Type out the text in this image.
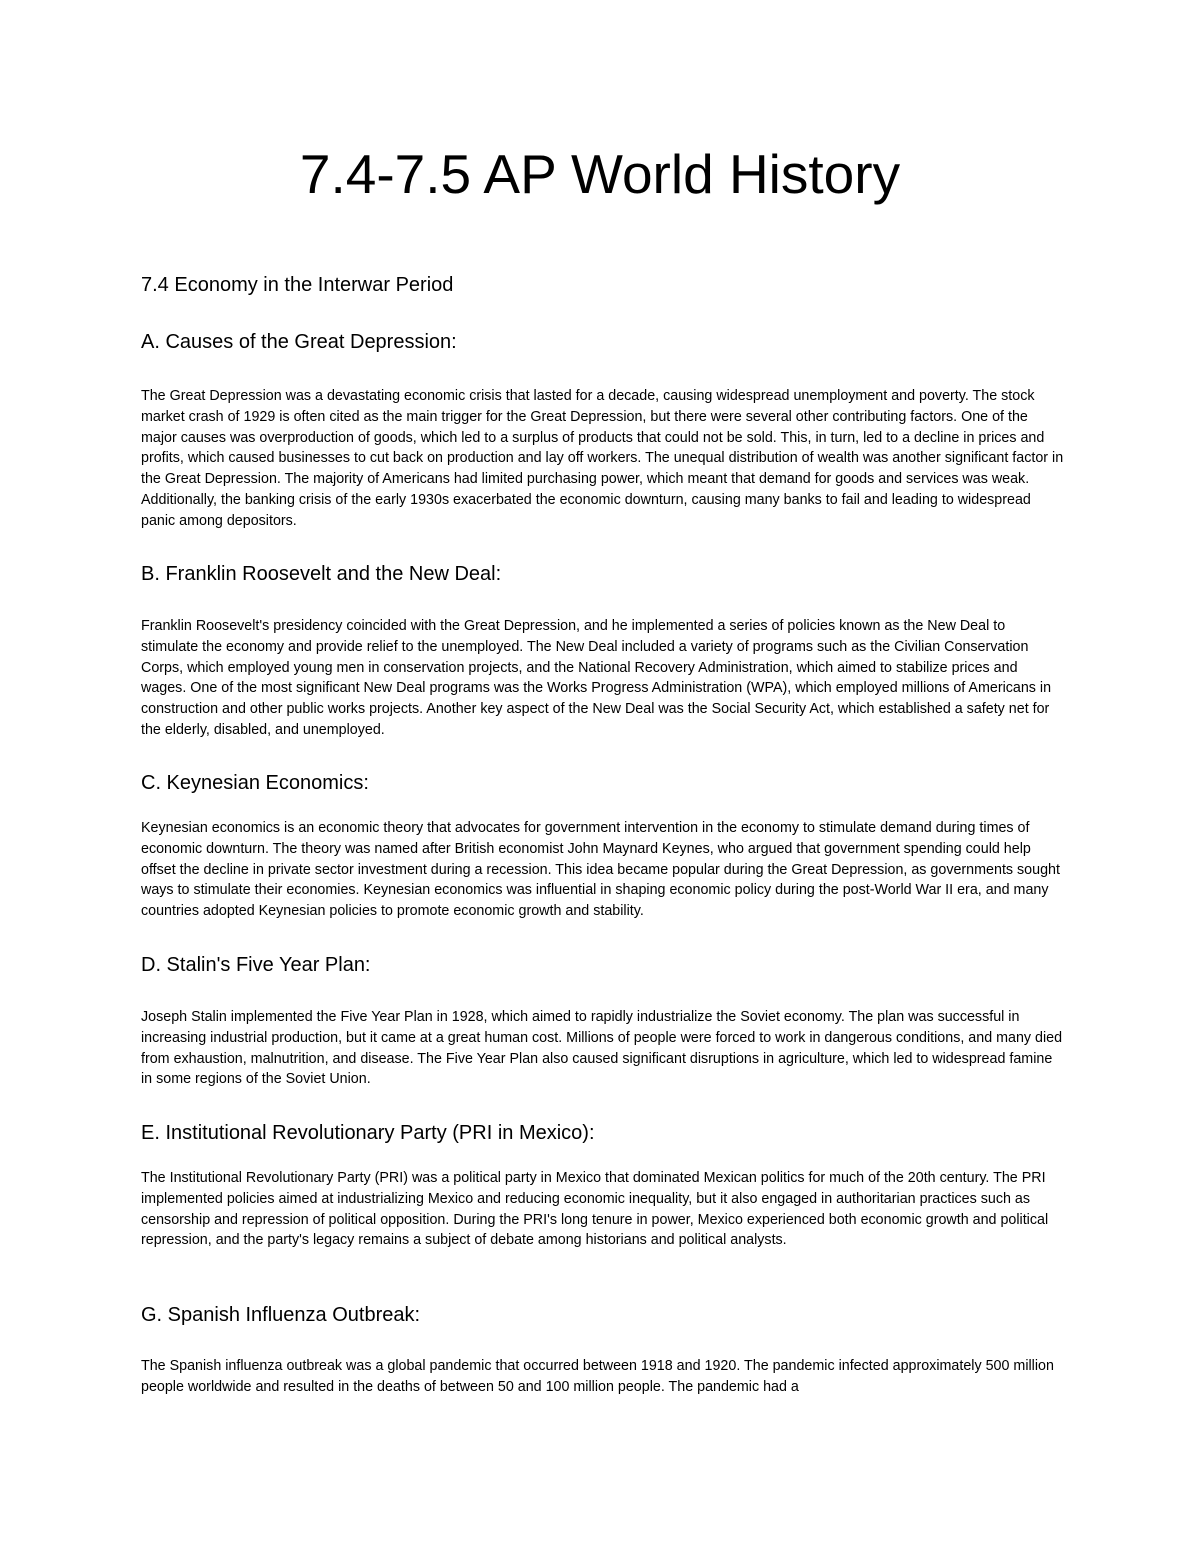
7.4-7.5 AP World History
7.4 Economy in the Interwar Period
A. Causes of the Great Depression:

The Great Depression was a devastating economic crisis that lasted for a decade, causing widespread unemployment and poverty. The stock market crash of 1929 is often cited as the main trigger for the Great Depression, but there were several other contributing factors. One of the major causes was overproduction of goods, which led to a surplus of products that could not be sold. This, in turn, led to a decline in prices and profits, which caused businesses to cut back on production and lay off workers. The unequal distribution of wealth was another significant factor in the Great Depression. The majority of Americans had limited purchasing power, which meant that demand for goods and services was weak. Additionally, the banking crisis of the early 1930s exacerbated the economic downturn, causing many banks to fail and leading to widespread panic among depositors.

B. Franklin Roosevelt and the New Deal:

Franklin Roosevelt's presidency coincided with the Great Depression, and he implemented a series of policies known as the New Deal to stimulate the economy and provide relief to the unemployed. The New Deal included a variety of programs such as the Civilian Conservation Corps, which employed young men in conservation projects, and the National Recovery Administration, which aimed to stabilize prices and wages. One of the most significant New Deal programs was the Works Progress Administration (WPA), which employed millions of Americans in construction and other public works projects. Another key aspect of the New Deal was the Social Security Act, which established a safety net for the elderly, disabled, and unemployed.

C. Keynesian Economics:

Keynesian economics is an economic theory that advocates for government intervention in the economy to stimulate demand during times of economic downturn. The theory was named after British economist John Maynard Keynes, who argued that government spending could help offset the decline in private sector investment during a recession. This idea became popular during the Great Depression, as governments sought ways to stimulate their economies. Keynesian economics was influential in shaping economic policy during the post-World War II era, and many countries adopted Keynesian policies to promote economic growth and stability.

D. Stalin's Five Year Plan:

Joseph Stalin implemented the Five Year Plan in 1928, which aimed to rapidly industrialize the Soviet economy. The plan was successful in increasing industrial production, but it came at a great human cost. Millions of people were forced to work in dangerous conditions, and many died from exhaustion, malnutrition, and disease. The Five Year Plan also caused significant disruptions in agriculture, which led to widespread famine in some regions of the Soviet Union.

E. Institutional Revolutionary Party (PRI in Mexico):

The Institutional Revolutionary Party (PRI) was a political party in Mexico that dominated Mexican politics for much of the 20th century. The PRI implemented policies aimed at industrializing Mexico and reducing economic inequality, but it also engaged in authoritarian practices such as censorship and repression of political opposition. During the PRI's long tenure in power, Mexico experienced both economic growth and political repression, and the party's legacy remains a subject of debate among historians and political analysts.

G. Spanish Influenza Outbreak:

The Spanish influenza outbreak was a global pandemic that occurred between 1918 and 1920. The pandemic infected approximately 500 million people worldwide and resulted in the deaths of between 50 and 100 million people. The pandemic had a
